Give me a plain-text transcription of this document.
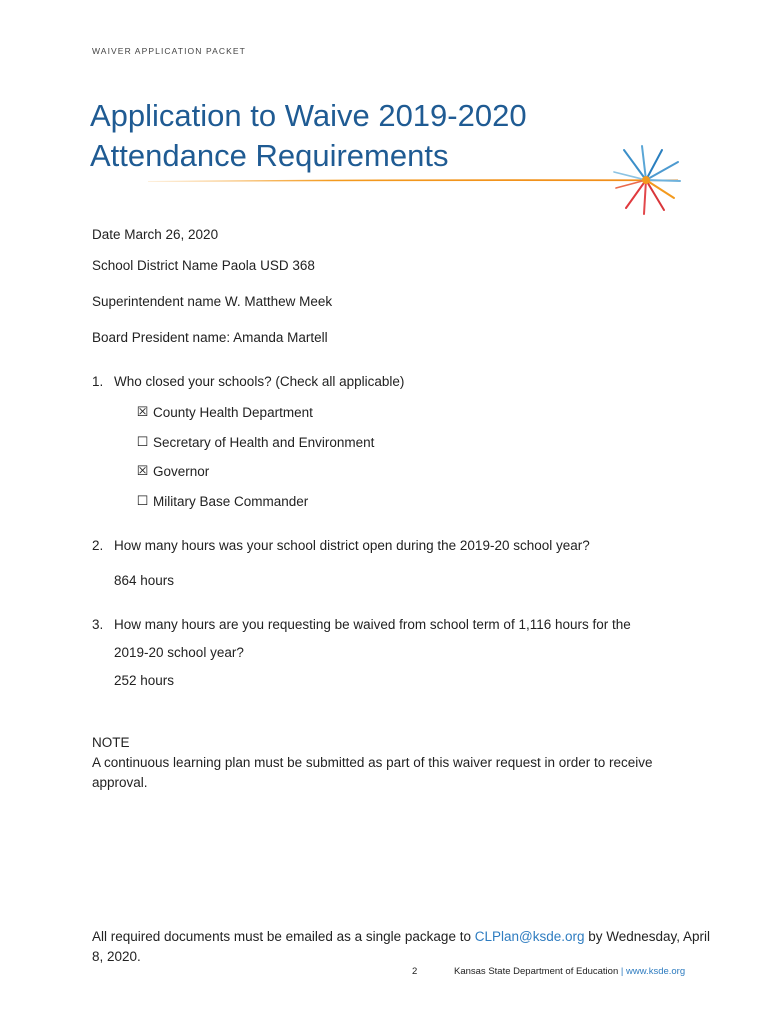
WAIVER APPLICATION PACKET
Application to Waive 2019-2020
Attendance Requirements
Date March 26, 2020
School District Name Paola USD 368
Superintendent name W. Matthew Meek
Board President name: Amanda Martell
1. Who closed your schools? (Check all applicable)
☒ County Health Department
☐ Secretary of Health and Environment
☒ Governor
☐ Military Base Commander
2. How many hours was your school district open during the 2019-20 school year?
864 hours
3. How many hours are you requesting be waived from school term of 1,116 hours for the
2019-20 school year?
252 hours
NOTE
A continuous learning plan must be submitted as part of this waiver request in order to receive approval.
All required documents must be emailed as a single package to CLPlan@ksde.org by Wednesday, April 8, 2020.
2	Kansas State Department of Education | www.ksde.org
